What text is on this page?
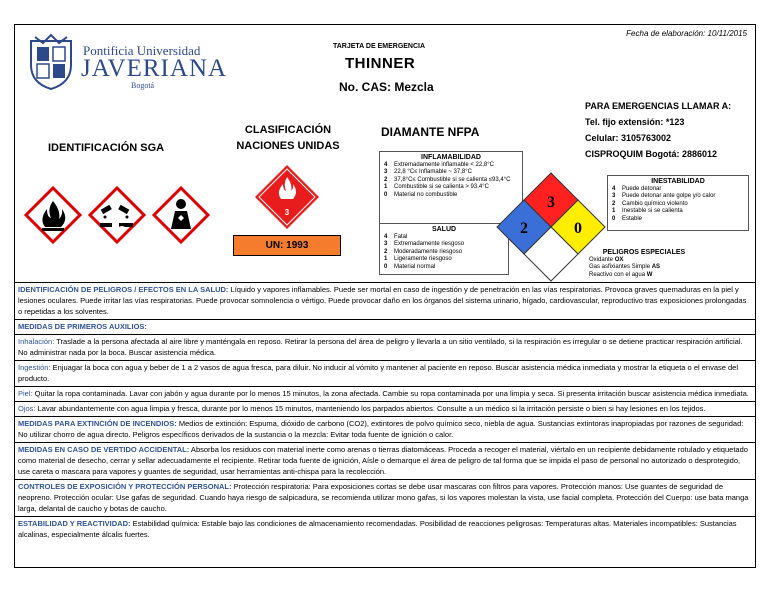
Pontificia Universidad
JAVERIANA
Bogotá
Fecha de elaboración: 10/11/2015
TARJETA DE EMERGENCIA
THINNER
No. CAS: Mezcla
PARA EMERGENCIAS LLAMAR A:
Tel. fijo extensión: *123
Celular: 3105763002
CISPROQUIM Bogotá: 2886012
IDENTIFICACIÓN SGA
CLASIFICACIÓN
NACIONES UNIDAS
DIAMANTE NFPA
3
UN: 1993
INFLAMABILIDAD
4 Extremadamente inflamable < 22,8°C
3 22,8 °C≤ Inflamable ~ 37,8°C
2 37,8°C≤ Combustible si se calienta ≤93,4°C
1 Combustible si se calienta > 93,4°C
0 Material no combustible
SALUD
4 Fatal
3 Extremadamente riesgoso
2 Moderadamente riesgoso
1 Ligeramente riesgoso
0 Material normal
INESTABILIDAD
4 Puede detonar
3 Puede detonar ante golpe y/o calor
2 Cambio químico violento
1 Inestable si se calienta
0 Estable
PELIGROS ESPECIALES
Oxidante OX
Gas asfixiantes Simple AS
Reactivo con el agua W
3
2	0
IDENTIFICACIÓN DE PELIGROS / EFECTOS EN LA SALUD: Líquido y vapores inflamables. Puede ser mortal en caso de ingestión y de penetración en las vías respiratorias. Provoca graves quemaduras en la piel y lesiones oculares. Puede irritar las vías respiratorias. Puede provocar somnolencia o vértigo. Puede provocar daño en los órganos del sistema urinario, hígado, cardiovascular, reproductivo tras exposiciones prolongadas o repetidas a los solventes.
MEDIDAS DE PRIMEROS AUXILIOS:
Inhalación: Traslade a la persona afectada al aire libre y manténgala en reposo. Retirar la persona del área de peligro y llevarla a un sitio ventilado, si la respiración es irregular o se detiene practicar respiración artificial. No administrar nada por la boca. Buscar asistencia médica.
Ingestión: Enjuagar la boca con agua y beber de 1 a 2 vasos de agua fresca, para diluir. No inducir al vómito y mantener al paciente en reposo. Buscar asistencia médica inmediata y mostrar la etiqueta o el envase del producto.
Piel: Quitar la ropa contaminada. Lavar con jabón y agua durante por lo menos 15 minutos, la zona afectada. Cambie su ropa contaminada por una limpia y seca. Si presenta irritación buscar asistencia médica inmediata.
Ojos: Lavar abundantemente con agua limpia y fresca, durante por lo menos 15 minutos, manteniendo los parpados abiertos. Consulte a un médico si la irritación persiste o bien si hay lesiones en los tejidos.
MEDIDAS PARA EXTINCIÓN DE INCENDIOS: Medios de extinción: Espuma, dióxido de carbono (CO2), extintores de polvo químico seco, niebla de agua. Sustancias extintoras inapropiadas por razones de seguridad: No utilizar chorro de agua directo. Peligros específicos derivados de la sustancia o la mezcla: Evitar toda fuente de ignición o calor.
MEDIDAS EN CASO DE VERTIDO ACCIDENTAL: Absorba los residuos con material inerte como arenas o tierras diatomáceas. Proceda a recoger el material, viértalo en un recipiente debidamente rotulado y etiquetado como material de desecho, cerrar y sellar adecuadamente el recipiente. Retirar toda fuente de ignición, Aísle o demarque el área de peligro de tal forma que se impida el paso de personal no autorizado o desprotegido, use careta o mascara para vapores y guantes de seguridad, usar herramientas anti-chispa para la recolección.
CONTROLES DE EXPOSICIÓN Y PROTECCIÓN PERSONAL: Protección respiratoria: Para exposiciones cortas se debe usar mascaras con filtros para vapores. Protección manos: Use guantes de seguridad de neopreno. Protección ocular: Use gafas de seguridad. Cuando haya riesgo de salpicadura, se recomienda utilizar mono gafas, si los vapores molestan la vista, use facial completa. Protección del Cuerpo: use bata manga larga, delantal de caucho y botas de caucho.
ESTABILIDAD Y REACTIVIDAD: Estabilidad química: Estable bajo las condiciones de almacenamiento recomendadas. Posibilidad de reacciones peligrosas: Temperaturas altas. Materiales incompatibles: Sustancias alcalinas, especialmente álcalis fuertes.
